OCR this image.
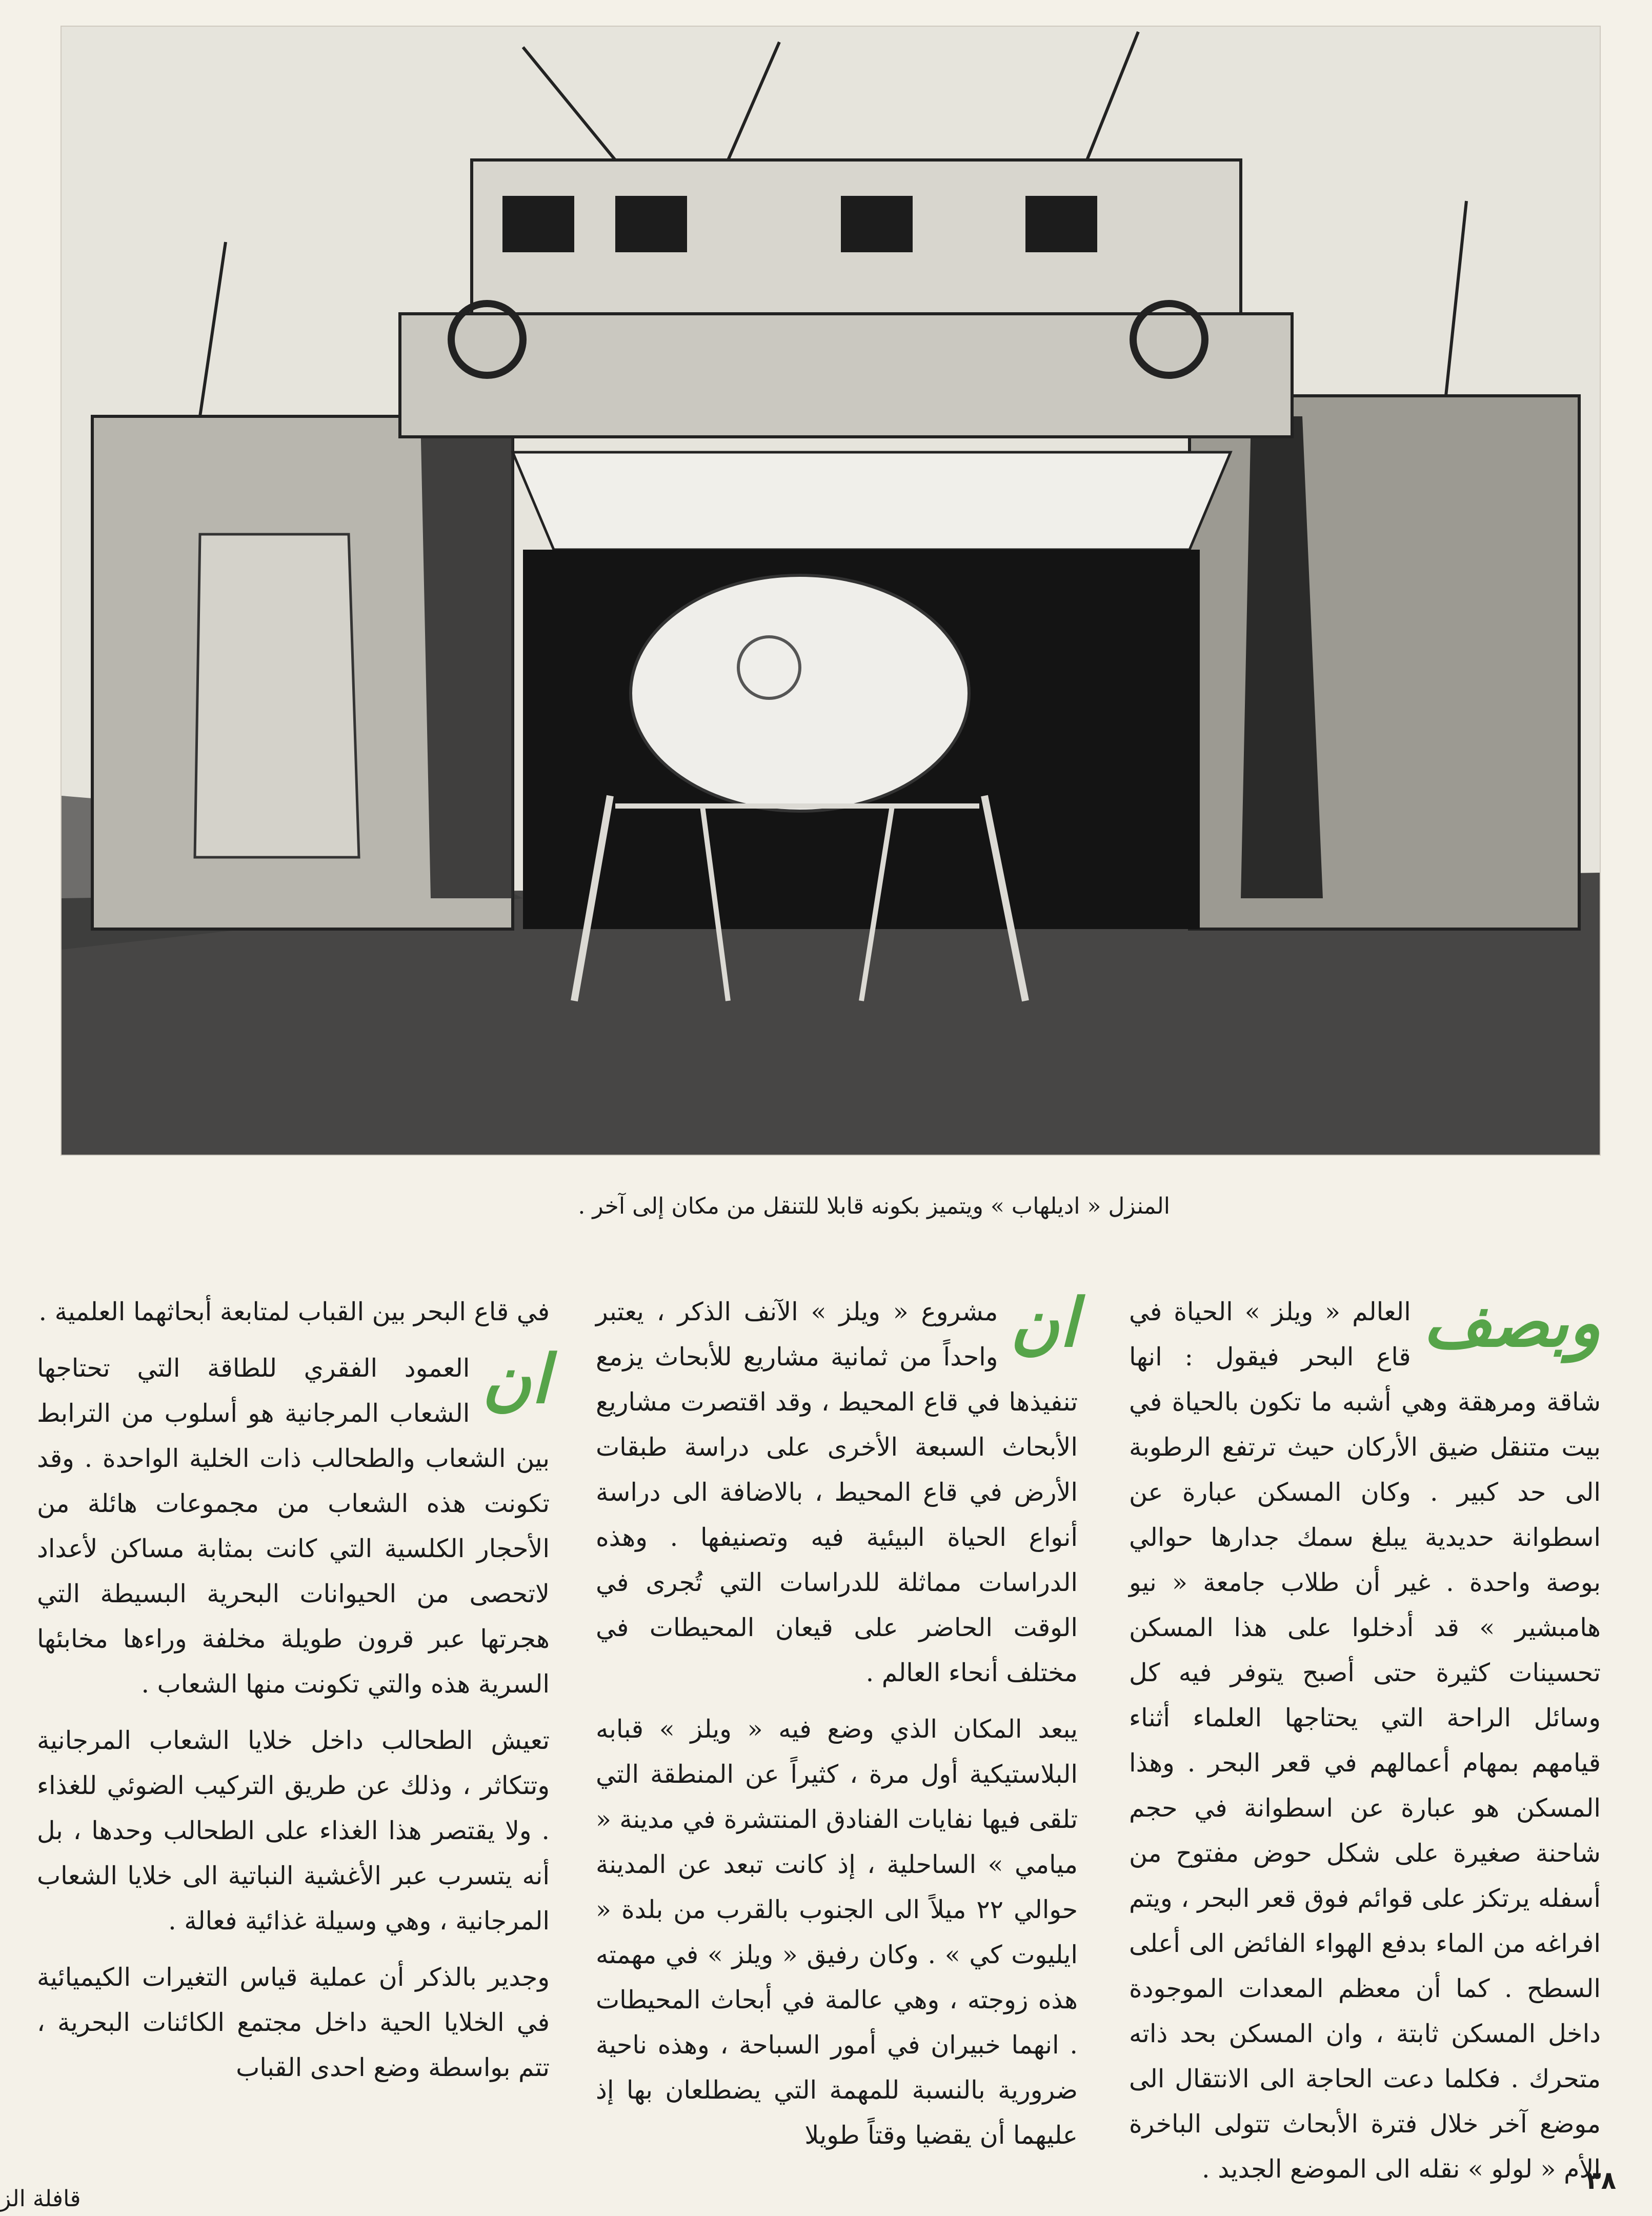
المنزل « اديلهاب » ويتميز بكونه قابلا للتنقل من مكان إلى آخر .
وبصف

العالم « ويلز » الحياة في قاع البحر فيقول : انها شاقة ومرهقة وهي أشبه ما تكون بالحياة في بيت متنقل ضيق الأركان حيث ترتفع الرطوبة الى حد كبير . وكان المسكن عبارة عن اسطوانة حديدية يبلغ سمك جدارها حوالي بوصة واحدة . غير أن طلاب جامعة « نيو هامبشير » قد أدخلوا على هذا المسكن تحسينات كثيرة حتى أصبح يتوفر فيه كل وسائل الراحة التي يحتاجها العلماء أثناء قيامهم بمهام أعمالهم في قعر البحر . وهذا المسكن هو عبارة عن اسطوانة في حجم شاحنة صغيرة على شكل حوض مفتوح من أسفله يرتكز على قوائم فوق قعر البحر ، ويتم افراغه من الماء بدفع الهواء الفائض الى أعلى السطح . كما أن معظم المعدات الموجودة داخل المسكن ثابتة ، وان المسكن بحد ذاته متحرك . فكلما دعت الحاجة الى الانتقال الى موضع آخر خلال فترة الأبحاث تتولى الباخرة الأم « لولو » نقله الى الموضع الجديد .

ان

مشروع « ويلز » الآنف الذكر ، يعتبر واحداً من ثمانية مشاريع للأبحاث يزمع تنفيذها في قاع المحيط ، وقد اقتصرت مشاريع الأبحاث السبعة الأخرى على دراسة طبقات الأرض في قاع المحيط ، بالاضافة الى دراسة أنواع الحياة البيئية فيه وتصنيفها . وهذه الدراسات مماثلة للدراسات التي تُجرى في الوقت الحاضر على قيعان المحيطات في مختلف أنحاء العالم .

يبعد المكان الذي وضع فيه « ويلز » قبابه البلاستيكية أول مرة ، كثيراً عن المنطقة التي تلقى فيها نفايات الفنادق المنتشرة في مدينة « ميامي » الساحلية ، إذ كانت تبعد عن المدينة حوالي ٢٢ ميلاً الى الجنوب بالقرب من بلدة « ايليوت كي » . وكان رفيق « ويلز » في مهمته هذه زوجته ، وهي عالمة في أبحاث المحيطات . انهما خبيران في أمور السباحة ، وهذه ناحية ضرورية بالنسبة للمهمة التي يضطلعان بها إذ عليهما أن يقضيا وقتاً طويلا

في قاع البحر بين القباب لمتابعة أبحاثهما العلمية .

ان

العمود الفقري للطاقة التي تحتاجها الشعاب المرجانية هو أسلوب من الترابط بين الشعاب والطحالب ذات الخلية الواحدة . وقد تكونت هذه الشعاب من مجموعات هائلة من الأحجار الكلسية التي كانت بمثابة مساكن لأعداد لاتحصى من الحيوانات البحرية البسيطة التي هجرتها عبر قرون طويلة مخلفة وراءها مخابئها السرية هذه والتي تكونت منها الشعاب .

تعيش الطحالب داخل خلايا الشعاب المرجانية وتتكاثر ، وذلك عن طريق التركيب الضوئي للغذاء . ولا يقتصر هذا الغذاء على الطحالب وحدها ، بل أنه يتسرب عبر الأغشية النباتية الى خلايا الشعاب المرجانية ، وهي وسيلة غذائية فعالة .

وجدير بالذكر أن عملية قياس التغيرات الكيميائية في الخلايا الحية داخل مجتمع الكائنات البحرية ، تتم بواسطة وضع احدى القباب

٣٨
قافلة الز
